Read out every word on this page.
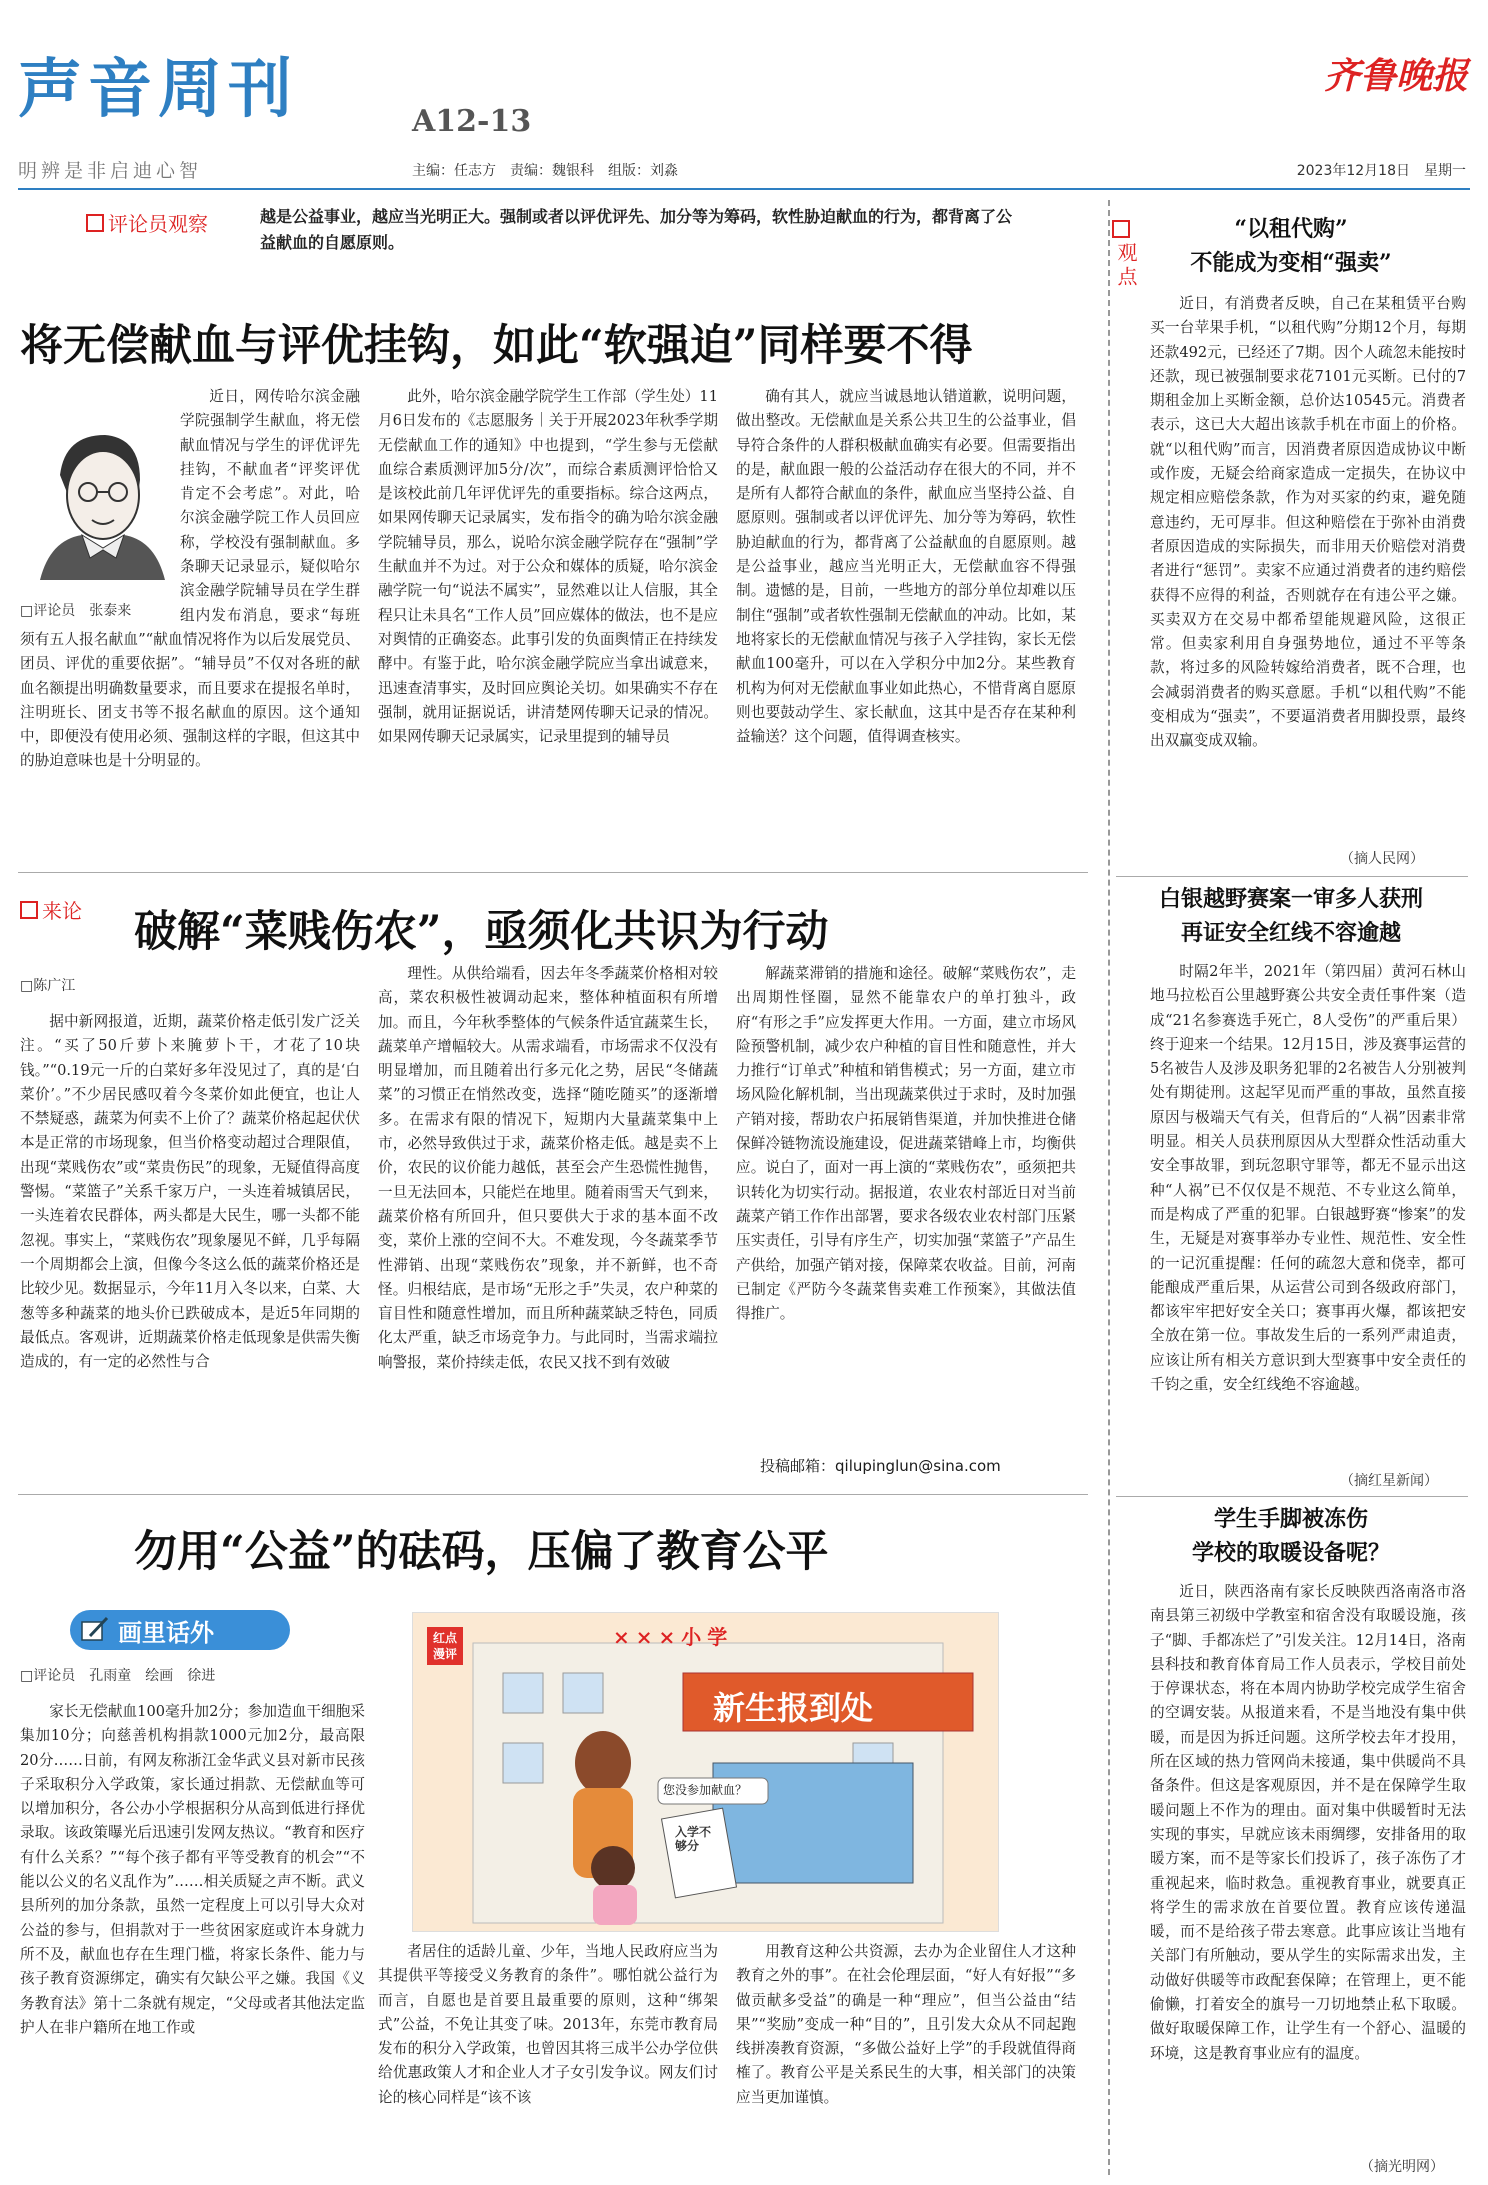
声音周刊	A12-13
齐鲁晚报
明辨是非启迪心智	主编：任志方　责编：魏银科　组版：刘淼	2023年12月18日　星期一
评论员观察	越是公益事业，越应当光明正大。强制或者以评优评先、加分等为筹码，软性胁迫献血的行为，都背离了公益献血的自愿原则。
将无偿献血与评优挂钩，如此“软强迫”同样要不得
□评论员　张泰来

近日，网传哈尔滨金融学院强制学生献血，将无偿献血情况与学生的评优评先挂钩，不献血者“评奖评优肯定不会考虑”。对此，哈尔滨金融学院工作人员回应称，学校没有强制献血。多条聊天记录显示，疑似哈尔滨金融学院辅导员在学生群组内发布消息，要求“每班须有五人报名献血”“献血情况将作为以后发展党员、团员、评优的重要依据”。“辅导员”不仅对各班的献血名额提出明确数量要求，而且要求在提报名单时，注明班长、团支书等不报名献血的原因。这个通知中，即便没有使用必须、强制这样的字眼，但这其中的胁迫意味也是十分明显的。

此外，哈尔滨金融学院学生工作部（学生处）11月6日发布的《志愿服务｜关于开展2023年秋季学期无偿献血工作的通知》中也提到，“学生参与无偿献血综合素质测评加5分/次”，而综合素质测评恰恰又是该校此前几年评优评先的重要指标。综合这两点，如果网传聊天记录属实，发布指令的确为哈尔滨金融学院辅导员，那么，说哈尔滨金融学院存在“强制”学生献血并不为过。对于公众和媒体的质疑，哈尔滨金融学院一句“说法不属实”，显然难以让人信服，其全程只让未具名“工作人员”回应媒体的做法，也不是应对舆情的正确姿态。此事引发的负面舆情正在持续发酵中。有鉴于此，哈尔滨金融学院应当拿出诚意来，迅速查清事实，及时回应舆论关切。如果确实不存在强制，就用证据说话，讲清楚网传聊天记录的情况。如果网传聊天记录属实，记录里提到的辅导员

确有其人，就应当诚恳地认错道歉，说明问题，做出整改。无偿献血是关系公共卫生的公益事业，倡导符合条件的人群积极献血确实有必要。但需要指出的是，献血跟一般的公益活动存在很大的不同，并不是所有人都符合献血的条件，献血应当坚持公益、自愿原则。强制或者以评优评先、加分等为筹码，软性胁迫献血的行为，都背离了公益献血的自愿原则。越是公益事业，越应当光明正大，无偿献血容不得强制。遗憾的是，目前，一些地方的部分单位却难以压制住“强制”或者软性强制无偿献血的冲动。比如，某地将家长的无偿献血情况与孩子入学挂钩，家长无偿献血100毫升，可以在入学积分中加2分。某些教育机构为何对无偿献血事业如此热心，不惜背离自愿原则也要鼓动学生、家长献血，这其中是否存在某种利益输送？这个问题，值得调查核实。

来论 破解“菜贱伤农”，亟须化共识为行动
□陈广江

据中新网报道，近期，蔬菜价格走低引发广泛关注。“买了50斤萝卜来腌萝卜干，才花了10块钱。”“0.19元一斤的白菜好多年没见过了，真的是‘白菜价’。”不少居民感叹着今冬菜价如此便宜，也让人不禁疑惑，蔬菜为何卖不上价了？蔬菜价格起起伏伏本是正常的市场现象，但当价格变动超过合理限值，出现“菜贱伤农”或“菜贵伤民”的现象，无疑值得高度警惕。“菜篮子”关系千家万户，一头连着城镇居民，一头连着农民群体，两头都是大民生，哪一头都不能忽视。事实上，“菜贱伤农”现象屡见不鲜，几乎每隔一个周期都会上演，但像今冬这么低的蔬菜价格还是比较少见。数据显示，今年11月入冬以来，白菜、大葱等多种蔬菜的地头价已跌破成本，是近5年同期的最低点。客观讲，近期蔬菜价格走低现象是供需失衡造成的，有一定的必然性与合

理性。从供给端看，因去年冬季蔬菜价格相对较高，菜农积极性被调动起来，整体种植面积有所增加。而且，今年秋季整体的气候条件适宜蔬菜生长，蔬菜单产增幅较大。从需求端看，市场需求不仅没有明显增加，而且随着出行多元化之势，居民“冬储蔬菜”的习惯正在悄然改变，选择“随吃随买”的逐渐增多。在需求有限的情况下，短期内大量蔬菜集中上市，必然导致供过于求，蔬菜价格走低。越是卖不上价，农民的议价能力越低，甚至会产生恐慌性抛售，一旦无法回本，只能烂在地里。随着雨雪天气到来，蔬菜价格有所回升，但只要供大于求的基本面不改变，菜价上涨的空间不大。不难发现，今冬蔬菜季节性滞销、出现“菜贱伤农”现象，并不新鲜，也不奇怪。归根结底，是市场“无形之手”失灵，农户种菜的盲目性和随意性增加，而且所种蔬菜缺乏特色，同质化太严重，缺乏市场竞争力。与此同时，当需求端拉响警报，菜价持续走低，农民又找不到有效破

解蔬菜滞销的措施和途径。破解“菜贱伤农”，走出周期性怪圈，显然不能靠农户的单打独斗，政府“有形之手”应发挥更大作用。一方面，建立市场风险预警机制，减少农户种植的盲目性和随意性，并大力推行“订单式”种植和销售模式；另一方面，建立市场风险化解机制，当出现蔬菜供过于求时，及时加强产销对接，帮助农户拓展销售渠道，并加快推进仓储保鲜冷链物流设施建设，促进蔬菜错峰上市，均衡供应。说白了，面对一再上演的“菜贱伤农”，亟须把共识转化为切实行动。据报道，农业农村部近日对当前蔬菜产销工作作出部署，要求各级农业农村部门压紧压实责任，引导有序生产，切实加强“菜篮子”产品生产供给，加强产销对接，保障菜农收益。目前，河南已制定《严防今冬蔬菜售卖难工作预案》，其做法值得推广。

投稿邮箱：qilupinglun@sina.com
勿用“公益”的砝码，压偏了教育公平
画里话外
□评论员　孔雨童　绘画　徐进

家长无偿献血100毫升加2分；参加造血干细胞采集加10分；向慈善机构捐款1000元加2分，最高限20分……日前，有网友称浙江金华武义县对新市民孩子采取积分入学政策，家长通过捐款、无偿献血等可以增加积分，各公办小学根据积分从高到低进行择优录取。该政策曝光后迅速引发网友热议。“教育和医疗有什么关系？”“每个孩子都有平等受教育的机会”“不能以公义的名义乱作为”……相关质疑之声不断。武义县所列的加分条款，虽然一定程度上可以引导大众对公益的参与，但捐款对于一些贫困家庭或许本身就力所不及，献血也存在生理门槛，将家长条件、能力与孩子教育资源绑定，确实有欠缺公平之嫌。我国《义务教育法》第十二条就有规定，“父母或者其他法定监护人在非户籍所在地工作或

者居住的适龄儿童、少年，当地人民政府应当为其提供平等接受义务教育的条件”。哪怕就公益行为而言，自愿也是首要且最重要的原则，这种“绑架式”公益，不免让其变了味。2013年，东莞市教育局发布的积分入学政策，也曾因其将三成半公办学位供给优惠政策人才和企业人才子女引发争议。网友们讨论的核心同样是“该不该

用教育这种公共资源，去办为企业留住人才这种教育之外的事”。在社会伦理层面，“好人有好报”“多做贡献多受益”的确是一种“理应”，但当公益由“结果”“奖励”变成一种“目的”，且引发大众从不同起跑线拼凑教育资源，“多做公益好上学”的手段就值得商榷了。教育公平是关系民生的大事，相关部门的决策应当更加谨慎。

红点
漫评
×××小学
新生报到处
您没参加献血？
入学不够分
观点
“以租代购”
不能成为变相“强卖”

近日，有消费者反映，自己在某租赁平台购买一台苹果手机，“以租代购”分期12个月，每期还款492元，已经还了7期。因个人疏忽未能按时还款，现已被强制要求花7101元买断。已付的7期租金加上买断金额，总价达10545元。消费者表示，这已大大超出该款手机在市面上的价格。就“以租代购”而言，因消费者原因造成协议中断或作废，无疑会给商家造成一定损失，在协议中规定相应赔偿条款，作为对买家的约束，避免随意违约，无可厚非。但这种赔偿在于弥补由消费者原因造成的实际损失，而非用天价赔偿对消费者进行“惩罚”。卖家不应通过消费者的违约赔偿获得不应得的利益，否则就存在有违公平之嫌。买卖双方在交易中都希望能规避风险，这很正常。但卖家利用自身强势地位，通过不平等条款，将过多的风险转嫁给消费者，既不合理，也会减弱消费者的购买意愿。手机“以租代购”不能变相成为“强卖”，不要逼消费者用脚投票，最终出双赢变成双输。

（摘人民网）
白银越野赛案一审多人获刑
再证安全红线不容逾越

时隔2年半，2021年（第四届）黄河石林山地马拉松百公里越野赛公共安全责任事件案（造成“21名参赛选手死亡，8人受伤”的严重后果）终于迎来一个结果。12月15日，涉及赛事运营的5名被告人及涉及职务犯罪的2名被告人分别被判处有期徒刑。这起罕见而严重的事故，虽然直接原因与极端天气有关，但背后的“人祸”因素非常明显。相关人员获刑原因从大型群众性活动重大安全事故罪，到玩忽职守罪等，都无不显示出这种“人祸”已不仅仅是不规范、不专业这么简单，而是构成了严重的犯罪。白银越野赛“惨案”的发生，无疑是对赛事举办专业性、规范性、安全性的一记沉重提醒：任何的疏忽大意和侥幸，都可能酿成严重后果，从运营公司到各级政府部门，都该牢牢把好安全关口；赛事再火爆，都该把安全放在第一位。事故发生后的一系列严肃追责，应该让所有相关方意识到大型赛事中安全责任的千钧之重，安全红线绝不容逾越。

（摘红星新闻）
学生手脚被冻伤
学校的取暖设备呢？

近日，陕西洛南有家长反映陕西洛南洛市洛南县第三初级中学教室和宿舍没有取暖设施，孩子“脚、手都冻烂了”引发关注。12月14日，洛南县科技和教育体育局工作人员表示，学校目前处于停课状态，将在本周内协助学校完成学生宿舍的空调安装。从报道来看，不是当地没有集中供暖，而是因为拆迁问题。这所学校去年才投用，所在区域的热力管网尚未接通，集中供暖尚不具备条件。但这是客观原因，并不是在保障学生取暖问题上不作为的理由。面对集中供暖暂时无法实现的事实，早就应该未雨绸缪，安排备用的取暖方案，而不是等家长们投诉了，孩子冻伤了才重视起来，临时救急。重视教育事业，就要真正将学生的需求放在首要位置。教育应该传递温暖，而不是给孩子带去寒意。此事应该让当地有关部门有所触动，要从学生的实际需求出发，主动做好供暖等市政配套保障；在管理上，更不能偷懒，打着安全的旗号一刀切地禁止私下取暖。做好取暖保障工作，让学生有一个舒心、温暖的环境，这是教育事业应有的温度。

（摘光明网）
